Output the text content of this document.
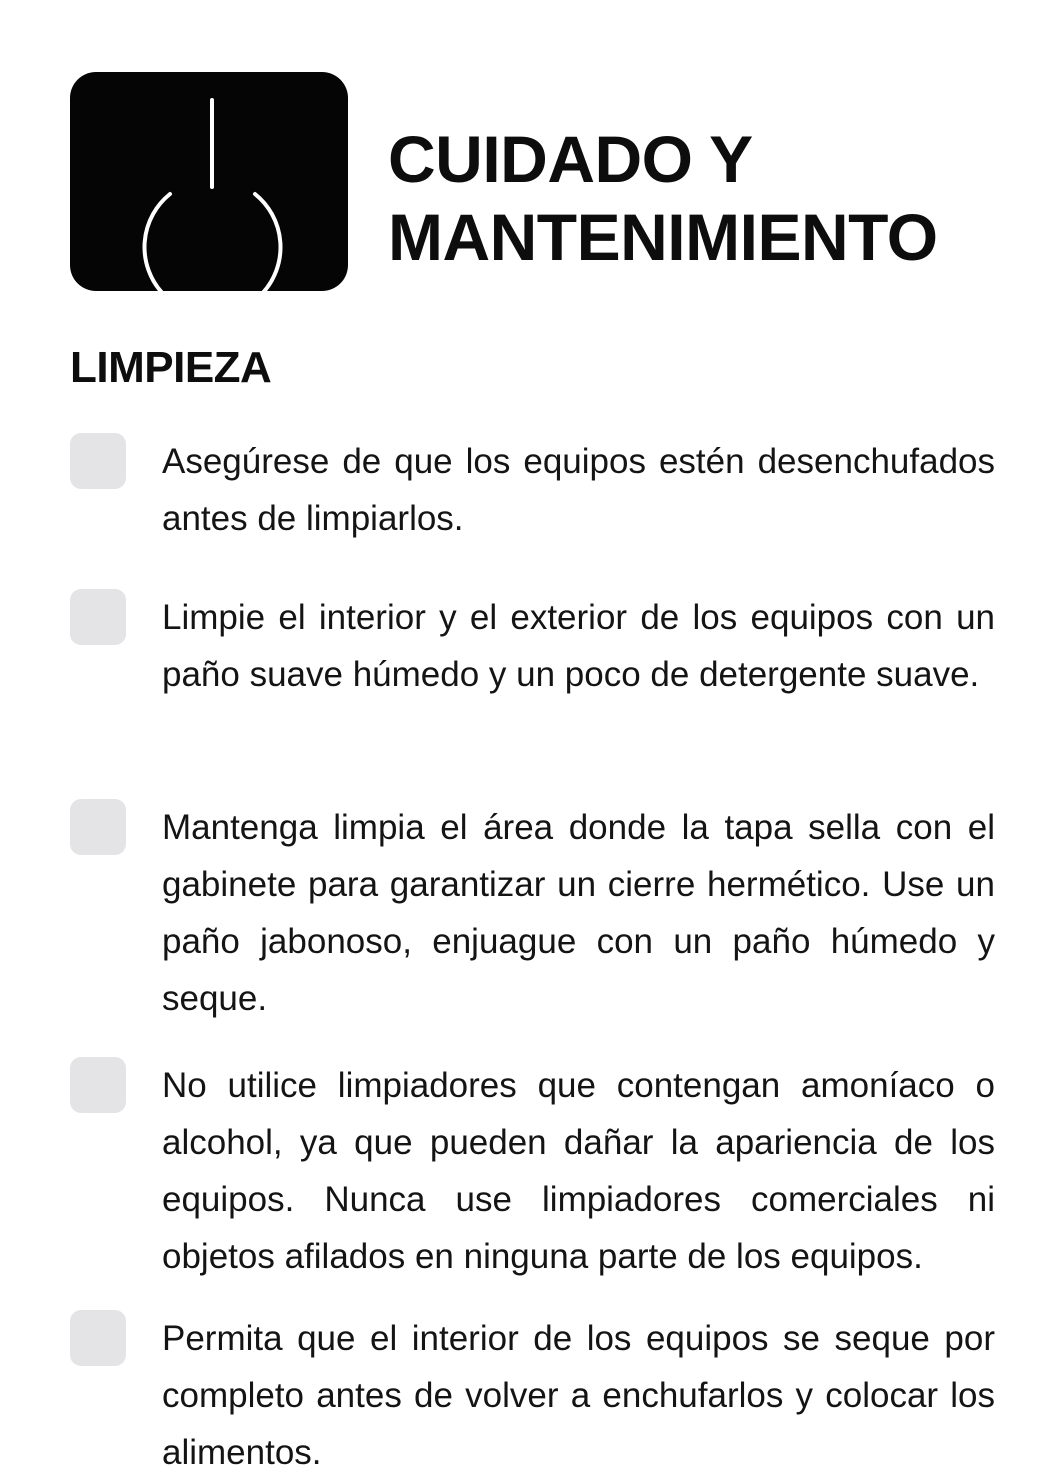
CUIDADO Y
MANTENIMIENTO
LIMPIEZA

Asegúrese de que los equipos estén desenchufados antes de limpiarlos.

Limpie el interior y el exterior de los equipos con un paño suave húmedo y un poco de detergente suave.

Mantenga limpia el área donde la tapa sella con el gabinete para garantizar un cierre hermético. Use un paño jabonoso, enjuague con un paño húmedo y seque.

No utilice limpiadores que contengan amoníaco o alcohol, ya que pueden dañar la apariencia de los equipos. Nunca use limpiadores comerciales ni objetos afilados en ninguna parte de los equipos.

Permita que el interior de los equipos se seque por completo antes de volver a enchufarlos y colocar los alimentos.
